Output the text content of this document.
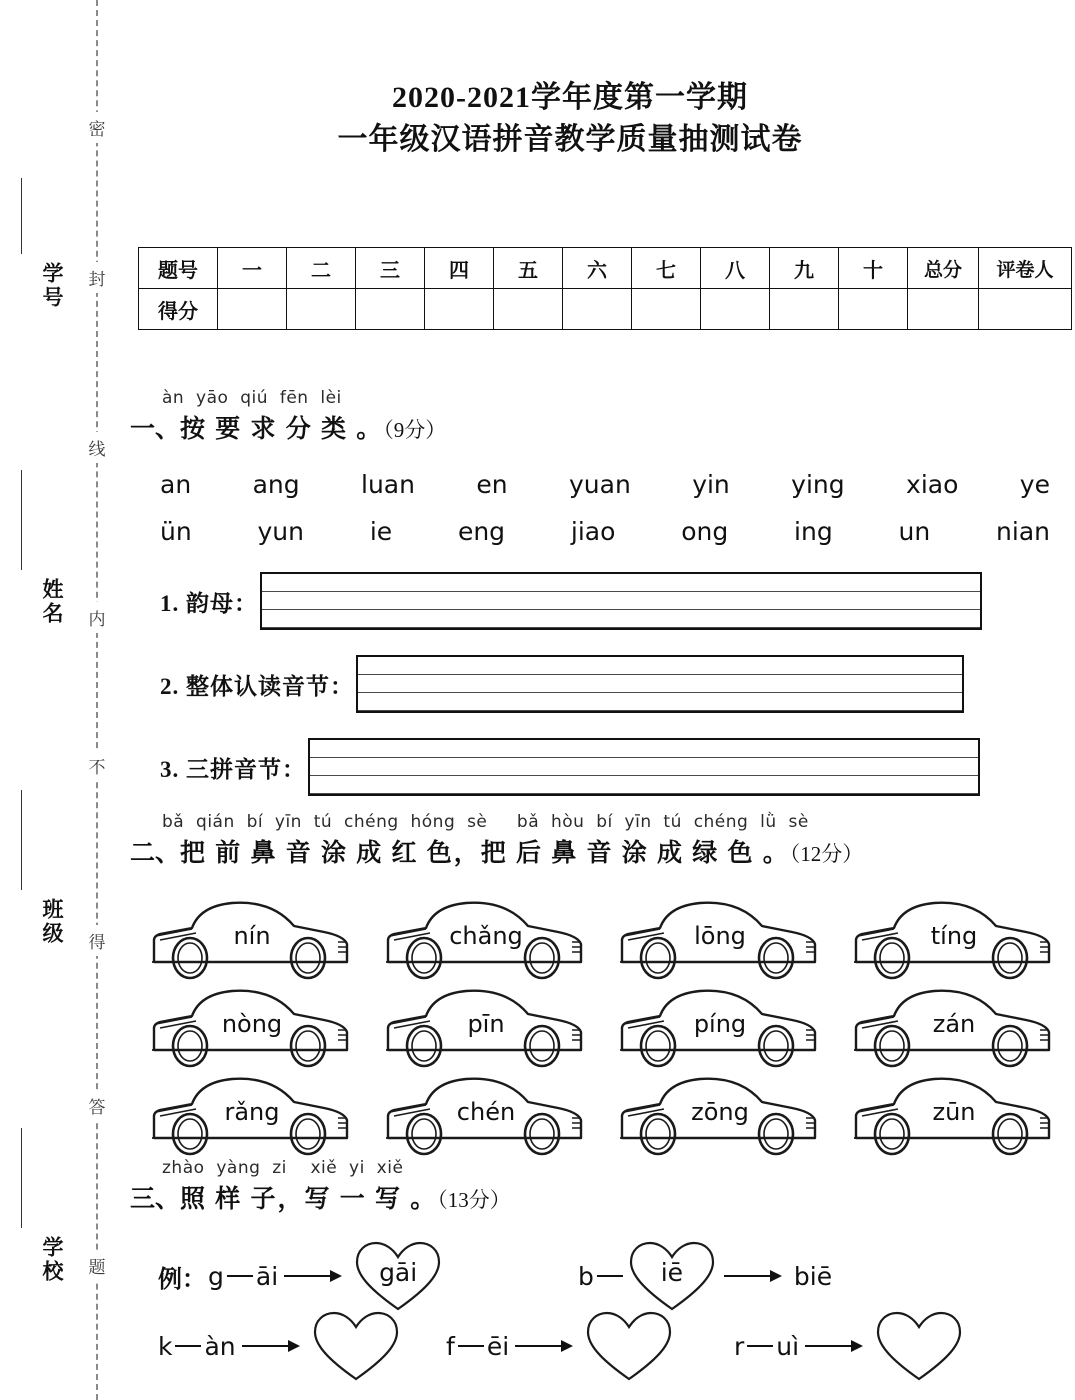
密
封
线
内
不
得
答
题
学号
姓名
班级
学校
2020-2021学年度第一学期
一年级汉语拼音教学质量抽测试卷
题号	一	二	三	四	五	六	七	八	九	十	总分	评卷人
得分												
àn yāo qiú fēn lèi
一、按 要 求 分 类 。（9分）
an ang luan en yuan yin ying xiao ye
ün	yun	ie	eng	jiao	ong	ing	un	nian
1. 韵母：
2. 整体认读音节：
3. 三拼音节：
bǎ qián bí yīn tú chéng hóng sè bǎ hòu bí yīn tú chéng lǜ sè
二、把 前 鼻 音 涂 成 红 色，把 后 鼻 音 涂 成 绿 色 。（12分）
nín	chǎng	lōng	tíng
nòng	pīn	píng	zán
rǎng	chén	zōng	zūn
zhào yàng zi xiě yi xiě
三、照 样 子，写 一 写 。（13分）
例： g āi	gāi	b	iē	biē
k àn	f ēi	r uì
